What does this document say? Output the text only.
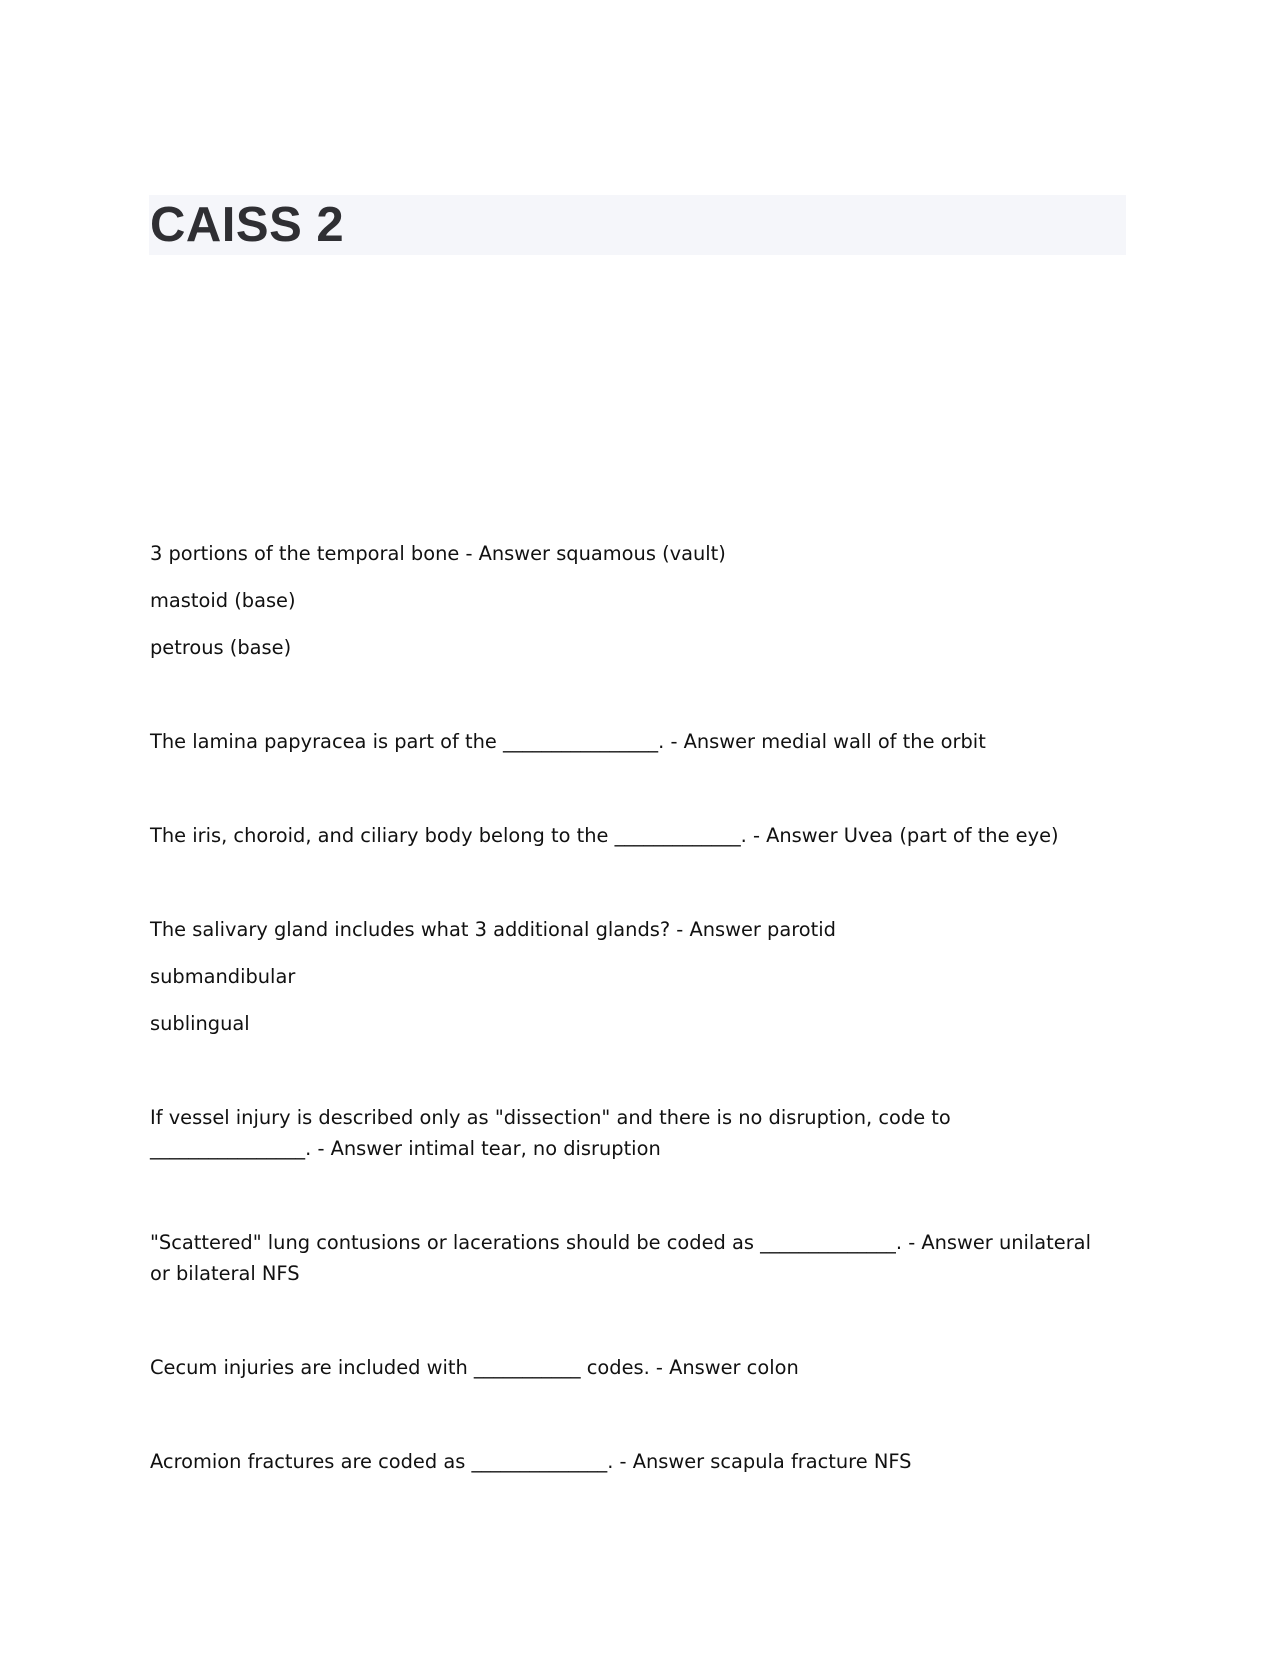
CAISS 2

3 portions of the temporal bone - Answer squamous (vault)

mastoid (base)

petrous (base)

The lamina papyracea is part of the ________________. - Answer medial wall of the orbit

The iris, choroid, and ciliary body belong to the _____________. - Answer Uvea (part of the eye)

The salivary gland includes what 3 additional glands? - Answer parotid

submandibular

sublingual

If vessel injury is described only as "dissection" and there is no disruption, code to ________________. - Answer intimal tear, no disruption

"Scattered" lung contusions or lacerations should be coded as ______________. - Answer unilateral or bilateral NFS

Cecum injuries are included with ___________ codes. - Answer colon

Acromion fractures are coded as ______________. - Answer scapula fracture NFS
